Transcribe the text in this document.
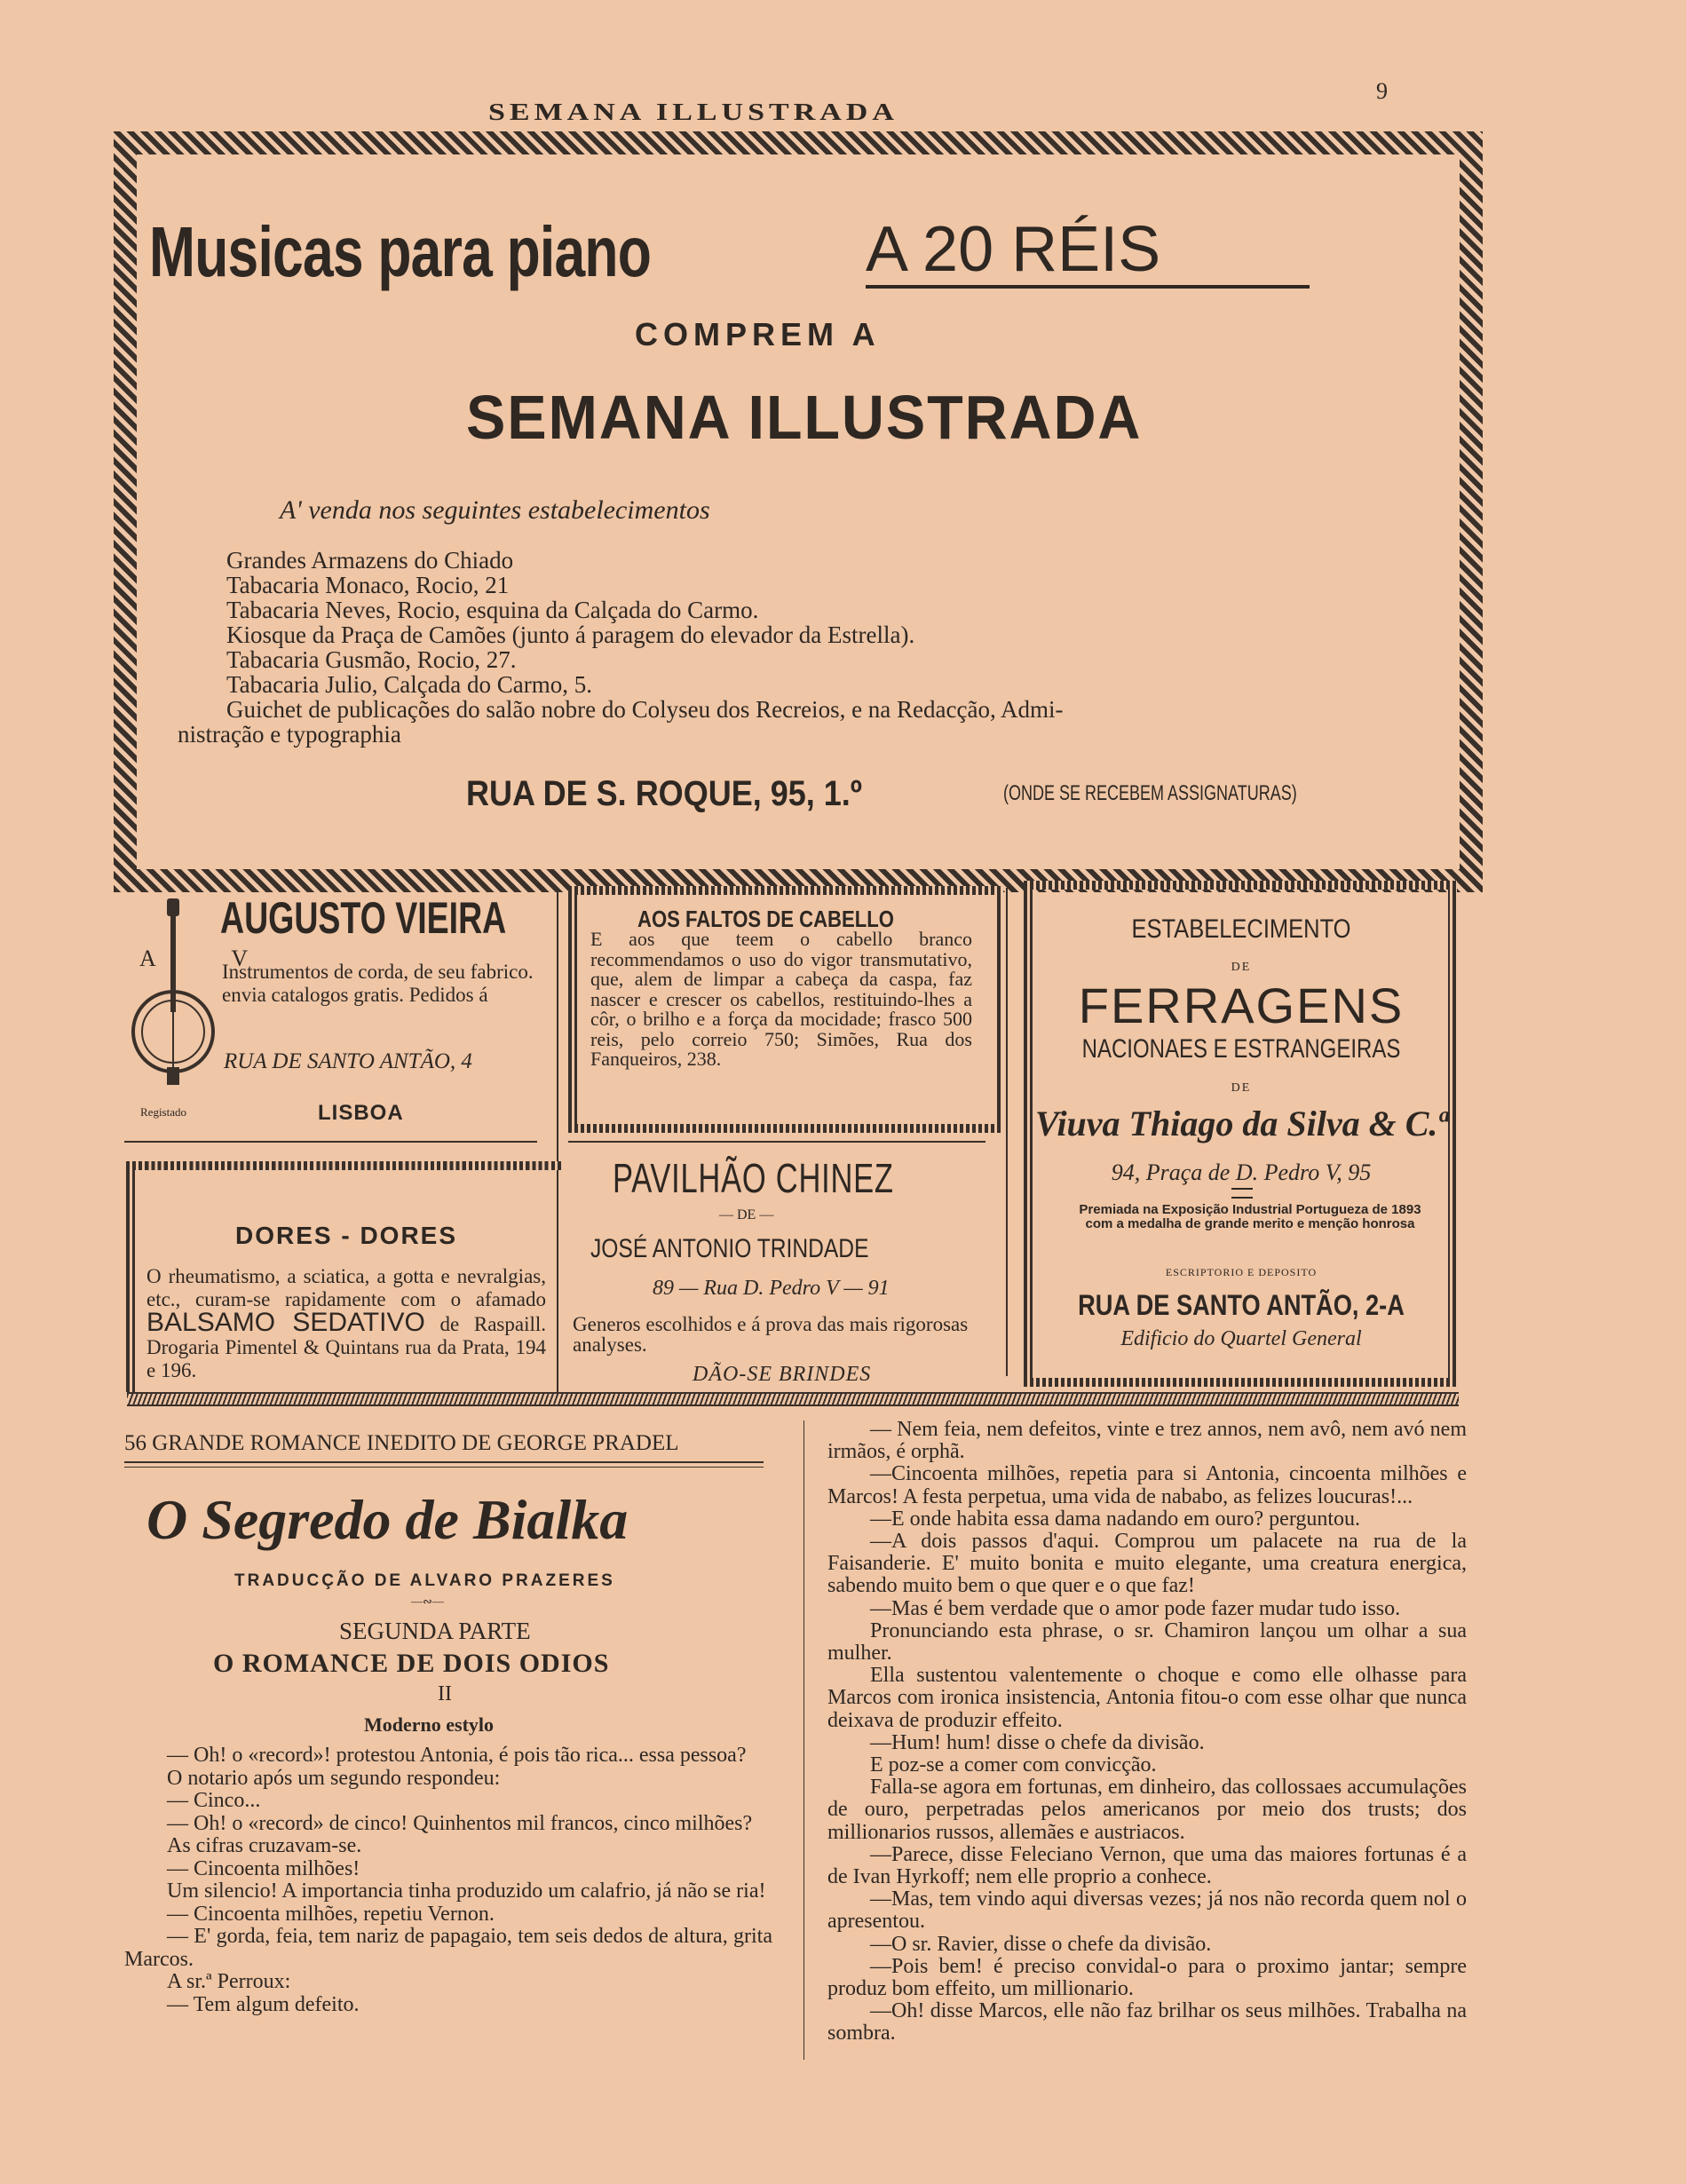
9
SEMANA ILLUSTRADA
Musicas para piano	A 20 RÉIS
COMPREM A
SEMANA ILLUSTRADA
A' venda nos seguintes estabelecimentos
Grandes Armazens do Chiado
Tabacaria Monaco, Rocio, 21
Tabacaria Neves, Rocio, esquina da Calçada do Carmo.
Kiosque da Praça de Camões (junto á paragem do elevador da Estrella).
Tabacaria Gusmão, Rocio, 27.
Tabacaria Julio, Calçada do Carmo, 5.
Guichet de publicações do salão nobre do Colyseu dos Recreios, e na Redacção, Admi-
nistração e typographia
RUA DE S. ROQUE, 95, 1.º	(ONDE SE RECEBEM ASSIGNATURAS)
AUGUSTO VIEIRA
A V
Instrumentos de corda, de seu fabrico. envia catalogos gratis. Pedidos á
RUA DE SANTO ANTÃO, 4
LISBOA
Registado
AOS FALTOS DE CABELLO
E aos que teem o cabello branco recommendamos o uso do vigor transmutativo, que, alem de limpar a cabeça da caspa, faz nascer e crescer os cabellos, restituindo-lhes a côr, o brilho e a força da mocidade; frasco 500 reis, pelo correio 750; Simões, Rua dos Fanqueiros, 238.
ESTABELECIMENTO
DE
FERRAGENS
NACIONAES E ESTRANGEIRAS
DE
Viuva Thiago da Silva & C.ª
94, Praça de D. Pedro V, 95
Premiada na Exposição Industrial Portugueza de 1893 com a medalha de grande merito e menção honrosa
ESCRIPTORIO E DEPOSITO
RUA DE SANTO ANTÃO, 2-A
Edificio do Quartel General
DORES - DORES
O rheumatismo, a sciatica, a gotta e nevralgias, etc., curam-se rapidamente com o afamado BALSAMO SEDATIVO de Raspaill. Drogaria Pimentel & Quintans rua da Prata, 194 e 196.
PAVILHÃO CHINEZ
— DE —
JOSÉ ANTONIO TRINDADE
89 — Rua D. Pedro V — 91
Generos escolhidos e á prova das mais rigorosas analyses.
DÃO-SE BRINDES
56 GRANDE ROMANCE INEDITO DE GEORGE PRADEL
O Segredo de Bialka
TRADUCÇÃO DE ALVARO PRAZERES
—∾—
SEGUNDA PARTE
O ROMANCE DE DOIS ODIOS
II
Moderno estylo

— Oh! o «record»! protestou Antonia, é pois tão rica... essa pessoa?

O notario após um segundo respondeu:

— Cinco...

— Oh! o «record» de cinco! Quinhentos mil francos, cinco milhões?

As cifras cruzavam-se.

— Cincoenta milhões!

Um silencio! A importancia tinha produzido um calafrio, já não se ria!

— Cincoenta milhões, repetiu Vernon.

— E' gorda, feia, tem nariz de papagaio, tem seis dedos de altura, grita Marcos.

A sr.ª Perroux:

— Tem algum defeito.

— Nem feia, nem defeitos, vinte e trez annos, nem avô, nem avó nem irmãos, é orphã.

—Cincoenta milhões, repetia para si Antonia, cincoenta milhões e Marcos! A festa perpetua, uma vida de nababo, as felizes loucuras!...

—E onde habita essa dama nadando em ouro? perguntou.

—A dois passos d'aqui. Comprou um palacete na rua de la Faisanderie. E' muito bonita e muito elegante, uma creatura energica, sabendo muito bem o que quer e o que faz!

—Mas é bem verdade que o amor pode fazer mudar tudo isso.

Pronunciando esta phrase, o sr. Chamiron lançou um olhar a sua mulher.

Ella sustentou valentemente o choque e como elle olhasse para Marcos com ironica insistencia, Antonia fitou-o com esse olhar que nunca deixava de produzir effeito.

—Hum! hum! disse o chefe da divisão.

E poz-se a comer com convicção.

Falla-se agora em fortunas, em dinheiro, das collossaes accumulações de ouro, perpetradas pelos americanos por meio dos trusts; dos millionarios russos, allemães e austriacos.

—Parece, disse Feleciano Vernon, que uma das maiores fortunas é a de Ivan Hyrkoff; nem elle proprio a conhece.

—Mas, tem vindo aqui diversas vezes; já nos não recorda quem nol o apresentou.

—O sr. Ravier, disse o chefe da divisão.

—Pois bem! é preciso convidal-o para o proximo jantar; sempre produz bom effeito, um millionario.

—Oh! disse Marcos, elle não faz brilhar os seus milhões. Trabalha na sombra.
